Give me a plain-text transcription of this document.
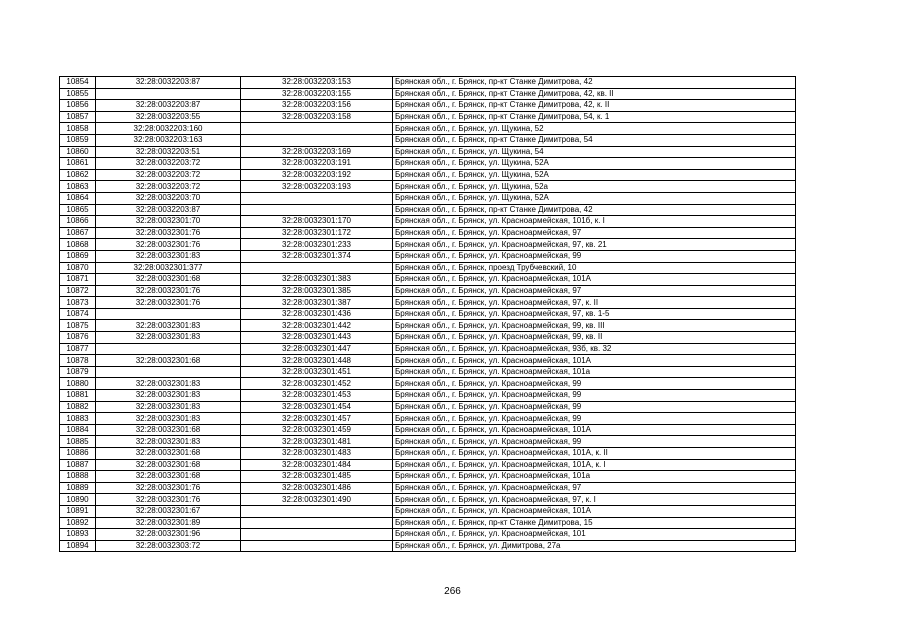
10854	32:28:0032203:87	32:28:0032203:153	Брянская обл., г. Брянск, пр-кт Станке Димитрова, 42
10855		32:28:0032203:155	Брянская обл., г. Брянск, пр-кт Станке Димитрова, 42, кв. II
10856	32:28:0032203:87	32:28:0032203:156	Брянская обл., г. Брянск, пр-кт Станке Димитрова, 42, к. II
10857	32:28:0032203:55	32:28:0032203:158	Брянская обл., г. Брянск, пр-кт Станке Димитрова, 54, к. 1
10858	32:28:0032203:160		Брянская обл., г. Брянск, ул. Щукина, 52
10859	32:28:0032203:163		Брянская обл., г. Брянск, пр-кт Станке Димитрова, 54
10860	32:28:0032203:51	32:28:0032203:169	Брянская обл., г. Брянск, ул. Щукина, 54
10861	32:28:0032203:72	32:28:0032203:191	Брянская обл., г. Брянск, ул. Щукина, 52А
10862	32:28:0032203:72	32:28:0032203:192	Брянская обл., г. Брянск, ул. Щукина, 52А
10863	32:28:0032203:72	32:28:0032203:193	Брянская обл., г. Брянск, ул. Щукина, 52а
10864	32:28:0032203:70		Брянская обл., г. Брянск, ул. Щукина, 52А
10865	32:28:0032203:87		Брянская обл., г. Брянск, пр-кт Станке Димитрова, 42
10866	32:28:0032301:70	32:28:0032301:170	Брянская обл., г. Брянск, ул. Красноармейская, 101б, к. I
10867	32:28:0032301:76	32:28:0032301:172	Брянская обл., г. Брянск, ул. Красноармейская, 97
10868	32:28:0032301:76	32:28:0032301:233	Брянская обл., г. Брянск, ул. Красноармейская, 97, кв. 21
10869	32:28:0032301:83	32:28:0032301:374	Брянская обл., г. Брянск, ул. Красноармейская, 99
10870	32:28:0032301:377		Брянская обл., г. Брянск, проезд Трубчевский, 10
10871	32:28:0032301:68	32:28:0032301:383	Брянская обл., г. Брянск, ул. Красноармейская, 101А
10872	32:28:0032301:76	32:28:0032301:385	Брянская обл., г. Брянск, ул. Красноармейская, 97
10873	32:28:0032301:76	32:28:0032301:387	Брянская обл., г. Брянск, ул. Красноармейская, 97, к. II
10874		32:28:0032301:436	Брянская обл., г. Брянск, ул. Красноармейская, 97, кв. 1-5
10875	32:28:0032301:83	32:28:0032301:442	Брянская обл., г. Брянск, ул. Красноармейская, 99, кв. III
10876	32:28:0032301:83	32:28:0032301:443	Брянская обл., г. Брянск, ул. Красноармейская, 99, кв. II
10877		32:28:0032301:447	Брянская обл., г. Брянск, ул. Красноармейская, 93б, кв. 32
10878	32:28:0032301:68	32:28:0032301:448	Брянская обл., г. Брянск, ул. Красноармейская, 101А
10879		32:28:0032301:451	Брянская обл., г. Брянск, ул. Красноармейская, 101а
10880	32:28:0032301:83	32:28:0032301:452	Брянская обл., г. Брянск, ул. Красноармейская, 99
10881	32:28:0032301:83	32:28:0032301:453	Брянская обл., г. Брянск, ул. Красноармейская, 99
10882	32:28:0032301:83	32:28:0032301:454	Брянская обл., г. Брянск, ул. Красноармейская, 99
10883	32:28:0032301:83	32:28:0032301:457	Брянская обл., г. Брянск, ул. Красноармейская, 99
10884	32:28:0032301:68	32:28:0032301:459	Брянская обл., г. Брянск, ул. Красноармейская, 101А
10885	32:28:0032301:83	32:28:0032301:481	Брянская обл., г. Брянск, ул. Красноармейская, 99
10886	32:28:0032301:68	32:28:0032301:483	Брянская обл., г. Брянск, ул. Красноармейская, 101А, к. II
10887	32:28:0032301:68	32:28:0032301:484	Брянская обл., г. Брянск, ул. Красноармейская, 101А, к. I
10888	32:28:0032301:68	32:28:0032301:485	Брянская обл., г. Брянск, ул. Красноармейская, 101а
10889	32:28:0032301:76	32:28:0032301:486	Брянская обл., г. Брянск, ул. Красноармейская, 97
10890	32:28:0032301:76	32:28:0032301:490	Брянская обл., г. Брянск, ул. Красноармейская, 97, к. I
10891	32:28:0032301:67		Брянская обл., г. Брянск, ул. Красноармейская, 101А
10892	32:28:0032301:89		Брянская обл., г. Брянск, пр-кт Станке Димитрова, 15
10893	32:28:0032301:96		Брянская обл., г. Брянск, ул. Красноармейская, 101
10894	32:28:0032303:72		Брянская обл., г. Брянск, ул. Димитрова, 27а
266
